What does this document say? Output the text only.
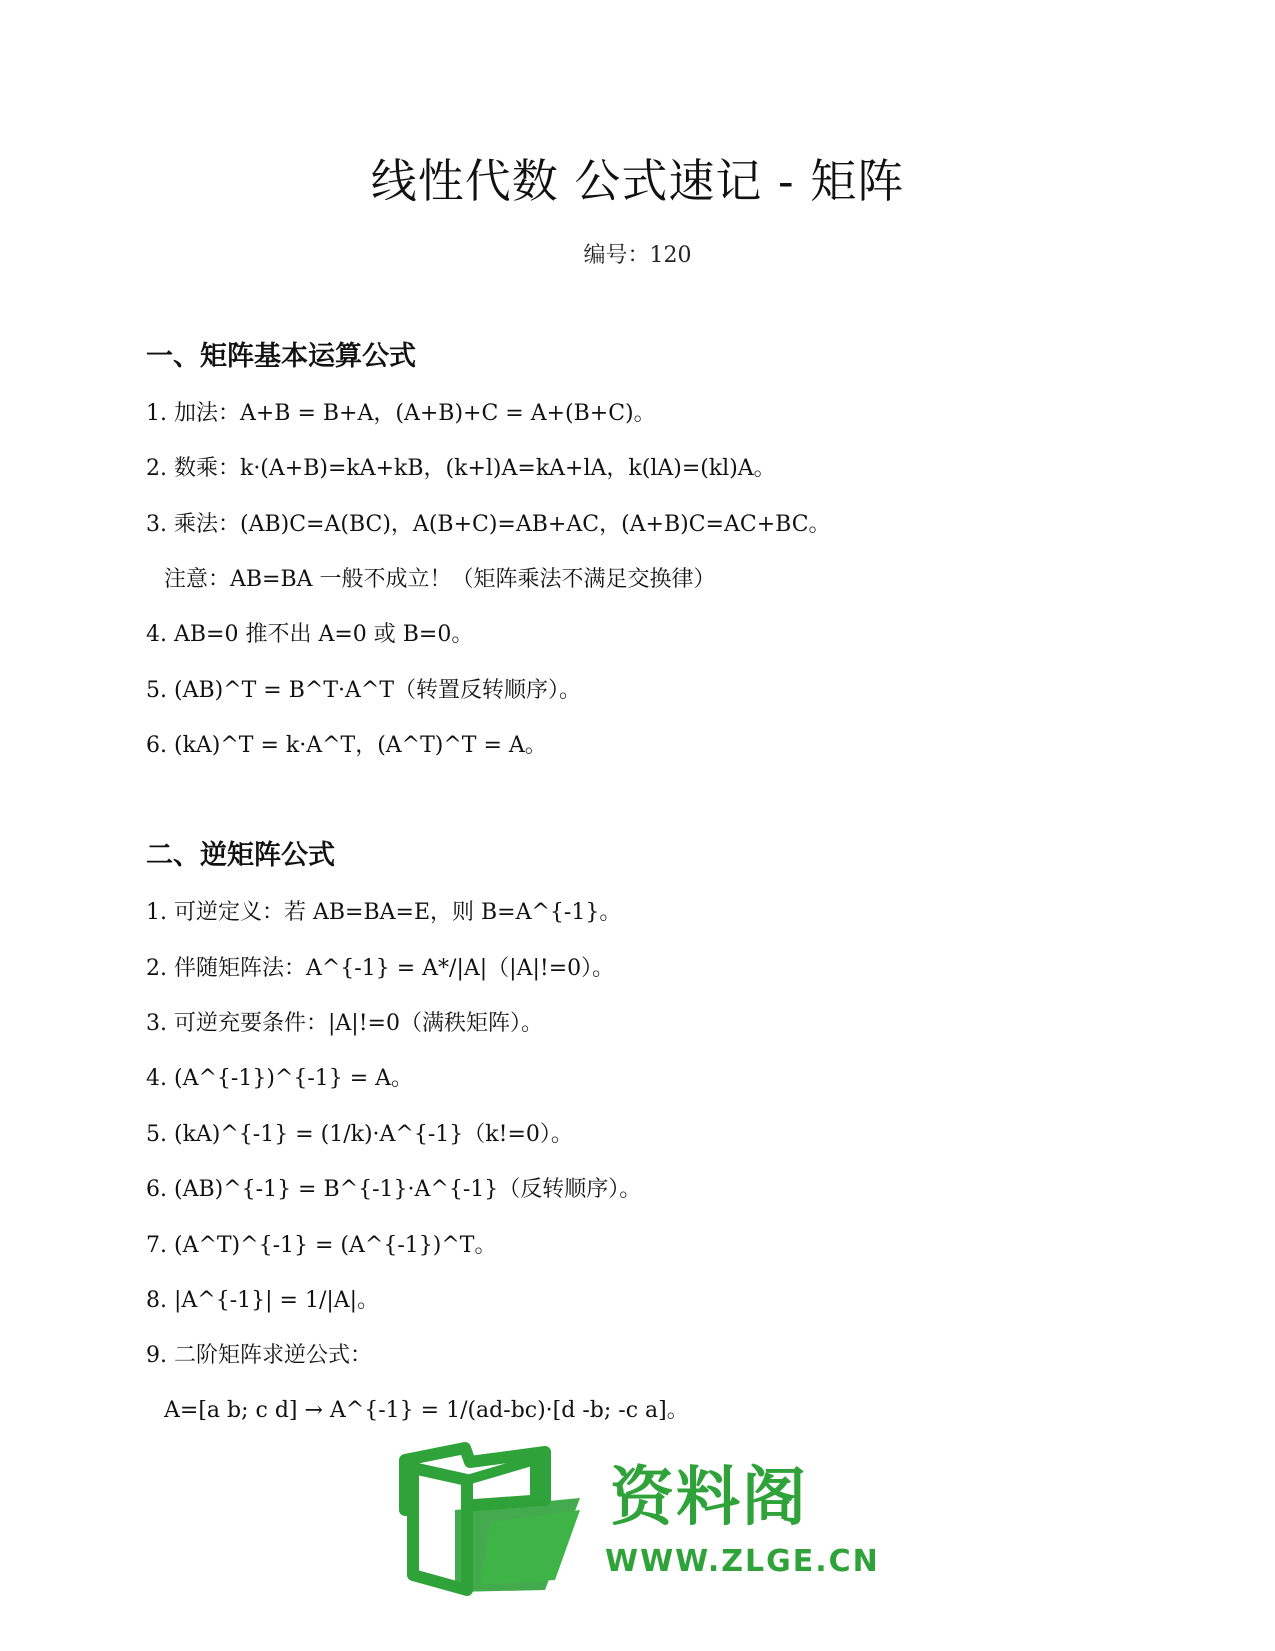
线性代数 公式速记 - 矩阵
编号：120
一、矩阵基本运算公式
1. 加法：A+B = B+A，(A+B)+C = A+(B+C)。
2. 数乘：k·(A+B)=kA+kB，(k+l)A=kA+lA，k(lA)=(kl)A。
3. 乘法：(AB)C=A(BC)，A(B+C)=AB+AC，(A+B)C=AC+BC。
注意：AB=BA 一般不成立！（矩阵乘法不满足交换律）
4. AB=0 推不出 A=0 或 B=0。
5. (AB)^T = B^T·A^T（转置反转顺序）。
6. (kA)^T = k·A^T，(A^T)^T = A。
二、逆矩阵公式
1. 可逆定义：若 AB=BA=E，则 B=A^{-1}。
2. 伴随矩阵法：A^{-1} = A*/|A|（|A|!=0）。
3. 可逆充要条件：|A|!=0（满秩矩阵）。
4. (A^{-1})^{-1} = A。
5. (kA)^{-1} = (1/k)·A^{-1}（k!=0）。
6. (AB)^{-1} = B^{-1}·A^{-1}（反转顺序）。
7. (A^T)^{-1} = (A^{-1})^T。
8. |A^{-1}| = 1/|A|。
9. 二阶矩阵求逆公式：
A=[a b; c d] → A^{-1} = 1/(ad-bc)·[d -b; -c a]。
资料阁
WWW.ZLGE.CN
